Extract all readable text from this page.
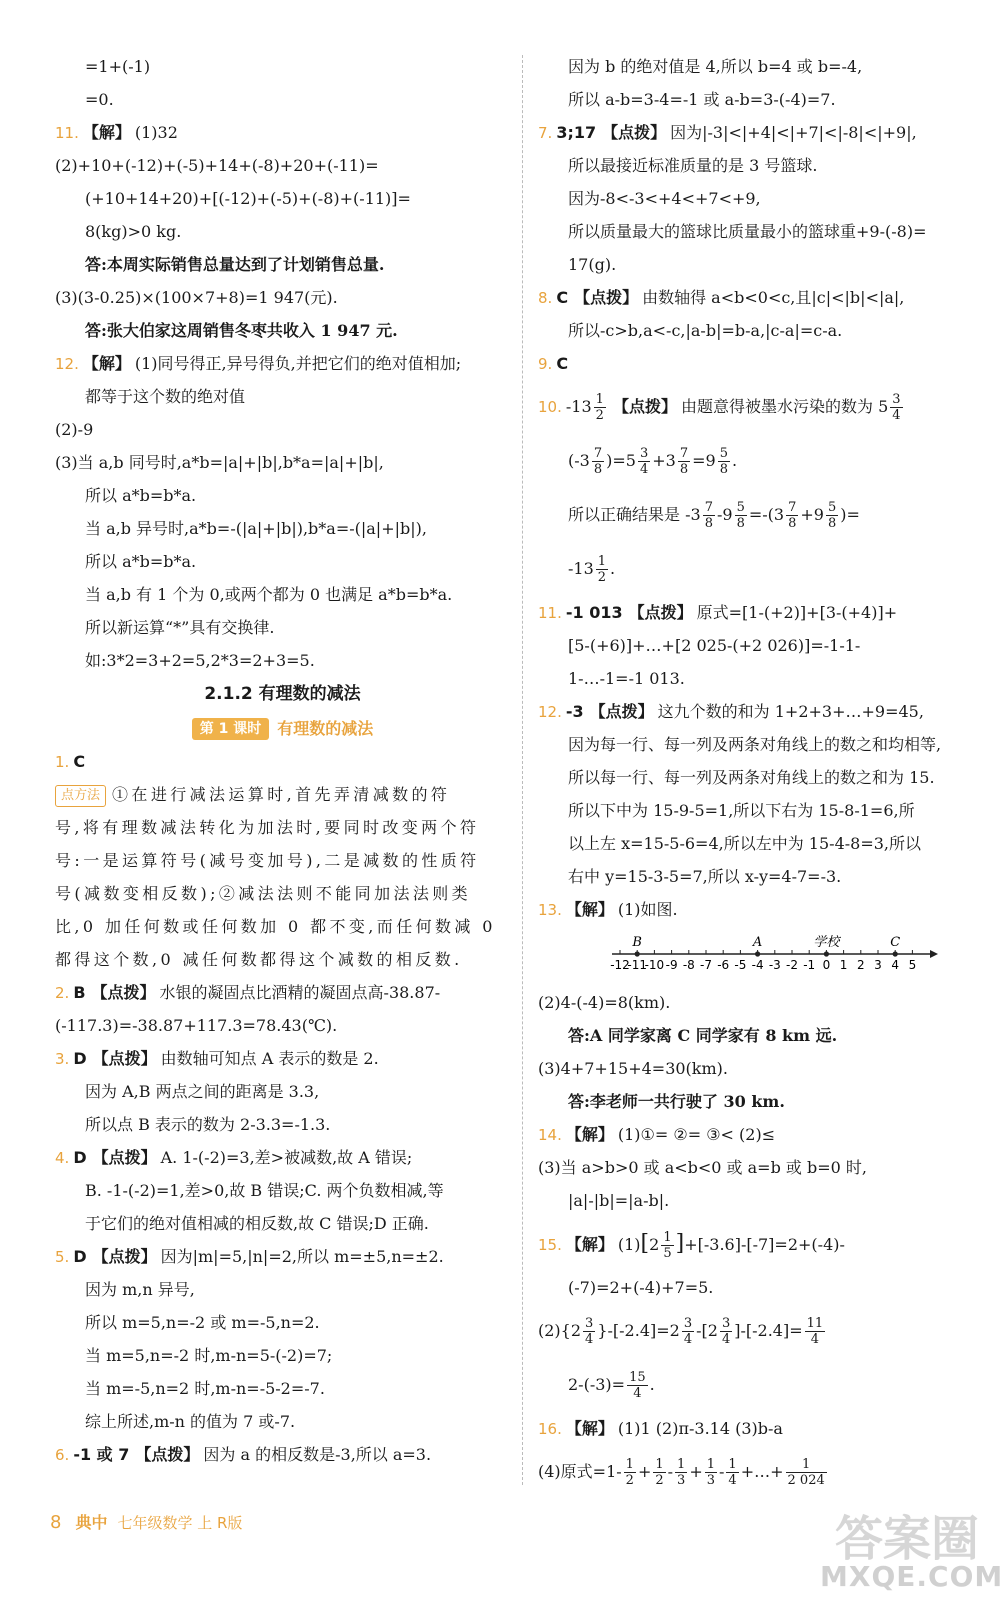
=1+(-1)
=0.
11. 【解】 (1)32
(2)+10+(-12)+(-5)+14+(-8)+20+(-11)=
(+10+14+20)+[(-12)+(-5)+(-8)+(-11)]=
8(kg)>0 kg.
答:本周实际销售总量达到了计划销售总量.
(3)(3-0.25)×(100×7+8)=1 947(元).
答:张大伯家这周销售冬枣共收入 1 947 元.
12. 【解】 (1)同号得正,异号得负,并把它们的绝对值相加;
都等于这个数的绝对值
(2)-9
(3)当 a,b 同号时,a*b=|a|+|b|,b*a=|a|+|b|,
所以 a*b=b*a.
当 a,b 异号时,a*b=-(|a|+|b|),b*a=-(|a|+|b|),
所以 a*b=b*a.
当 a,b 有 1 个为 0,或两个都为 0 也满足 a*b=b*a.
所以新运算“*”具有交换律.
如:3*2=3+2=5,2*3=2+3=5.
2.1.2 有理数的减法
第 1 课时 有理数的减法
1. C
点方法 ①在进行减法运算时,首先弄清减数的符
号,将有理数减法转化为加法时,要同时改变两个符
号:一是运算符号(减号变加号),二是减数的性质符
号(减数变相反数);②减法法则不能同加法法则类
比,0 加任何数或任何数加 0 都不变,而任何数减 0
都得这个数,0 减任何数都得这个减数的相反数.
2. B 【点拨】 水银的凝固点比酒精的凝固点高-38.87-
(-117.3)=-38.87+117.3=78.43(℃).
3. D 【点拨】 由数轴可知点 A 表示的数是 2.
因为 A,B 两点之间的距离是 3.3,
所以点 B 表示的数为 2-3.3=-1.3.
4. D 【点拨】 A. 1-(-2)=3,差>被减数,故 A 错误;
B. -1-(-2)=1,差>0,故 B 错误;C. 两个负数相减,等
于它们的绝对值相减的相反数,故 C 错误;D 正确.
5. D 【点拨】 因为|m|=5,|n|=2,所以 m=±5,n=±2.
因为 m,n 异号,
所以 m=5,n=-2 或 m=-5,n=2.
当 m=5,n=-2 时,m-n=5-(-2)=7;
当 m=-5,n=2 时,m-n=-5-2=-7.
综上所述,m-n 的值为 7 或-7.
6. -1 或 7 【点拨】 因为 a 的相反数是-3,所以 a=3.
因为 b 的绝对值是 4,所以 b=4 或 b=-4,
所以 a-b=3-4=-1 或 a-b=3-(-4)=7.
7. 3;17 【点拨】 因为|-3|<|+4|<|+7|<|-8|<|+9|,
所以最接近标准质量的是 3 号篮球.
因为-8<-3<+4<+7<+9,
所以质量最大的篮球比质量最小的篮球重+9-(-8)=
17(g).
8. C 【点拨】 由数轴得 a<b<0<c,且|c|<|b|<|a|,
所以-c>b,a<-c,|a-b|=b-a,|c-a|=c-a.
9. C
10. $-13 \frac{1}{2}$ 【点拨】 由题意得被墨水污染的数为 $5 \frac{3}{4}$
$(-3 \frac{7}{8} )=5 \frac{3}{4} +3 \frac{7}{8} =9 \frac{5}{8}$ .
所以正确结果是 $-3 \frac{7}{8} -9 \frac{5}{8} =-(3 \frac{7}{8} +9 \frac{5}{8}$ )=
$-13 \frac{1}{2}$ .
11. -1 013 【点拨】 原式=[1-(+2)]+[3-(+4)]+
[5-(+6)]+…+[2 025-(+2 026)]=-1-1-
1-…-1=-1 013.
12. -3 【点拨】 这九个数的和为 1+2+3+…+9=45,
因为每一行、每一列及两条对角线上的数之和均相等,
所以每一行、每一列及两条对角线上的数之和为 15.
所以下中为 15-9-5=1,所以下右为 15-8-1=6,所
以上左 x=15-5-6=4,所以左中为 15-4-8=3,所以
右中 y=15-3-5=7,所以 x-y=4-7=-3.
13. 【解】 (1)如图.
-12
-11
-10 -9 -8 -7 -6 -5 -4 -3 -2 -1 0 1 2 3 4 5
B	A	学校	C
(2)4-(-4)=8(km).
答:A 同学家离 C 同学家有 8 km 远.
(3)4+7+15+4=30(km).
答:李老师一共行驶了 30 km.
14. 【解】 (1)①= ②= ③< (2)≤
(3)当 a>b>0 或 a<b<0 或 a=b 或 b=0 时,
|a|-|b|=|a-b|.
15. 【解】 $(1)[2 \frac{1}{5} ]+[-3.6]-[-7]=2+(-4)-$
(-7)=2+(-4)+7=5.
$(2)\{2 \frac{3}{4} \}-[-2.4]=2 \frac{3}{4} -[2 \frac{3}{4} ]-[-2.4]= \frac{11}{4}$
$2-(-3)= \frac{15}{4}$ .
16. 【解】 (1)1 (2)π-3.14 (3)b-a
(4)原式$=1- \frac{1}{2} + \frac{1}{2} - \frac{1}{3} + \frac{1}{3} - \frac{1}{4}$ +…+ $\frac{1}{2 024}$
8 典中 七年级数学 上 R版	答案圈
MXQE.COM
